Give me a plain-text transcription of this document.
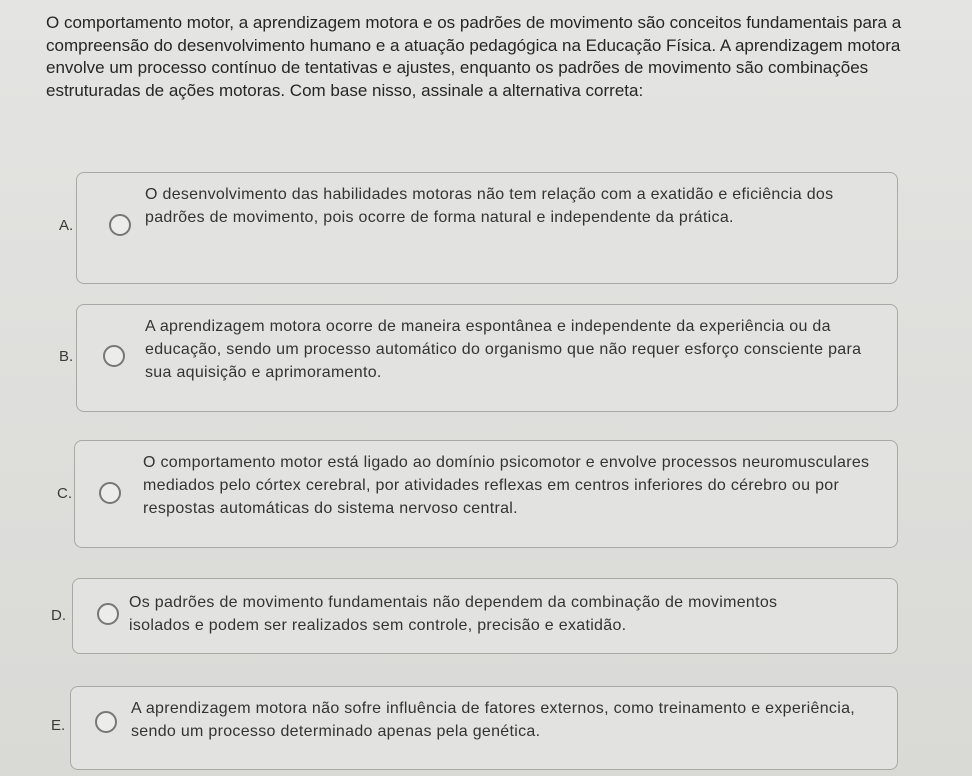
O comportamento motor, a aprendizagem motora e os padrões de movimento são conceitos fundamentais para a compreensão do desenvolvimento humano e a atuação pedagógica na Educação Física. A aprendizagem motora envolve um processo contínuo de tentativas e ajustes, enquanto os padrões de movimento são combinações estruturadas de ações motoras. Com base nisso, assinale a alternativa correta:
A.
O desenvolvimento das habilidades motoras não tem relação com a exatidão e eficiência dos padrões de movimento, pois ocorre de forma natural e independente da prática.
B.
A aprendizagem motora ocorre de maneira espontânea e independente da experiência ou da educação, sendo um processo automático do organismo que não requer esforço consciente para sua aquisição e aprimoramento.
C.
O comportamento motor está ligado ao domínio psicomotor e envolve processos neuromusculares mediados pelo córtex cerebral, por atividades reflexas em centros inferiores do cérebro ou por respostas automáticas do sistema nervoso central.
D.
Os padrões de movimento fundamentais não dependem da combinação de movimentos isolados e podem ser realizados sem controle, precisão e exatidão.
E.
A aprendizagem motora não sofre influência de fatores externos, como treinamento e experiência, sendo um processo determinado apenas pela genética.
